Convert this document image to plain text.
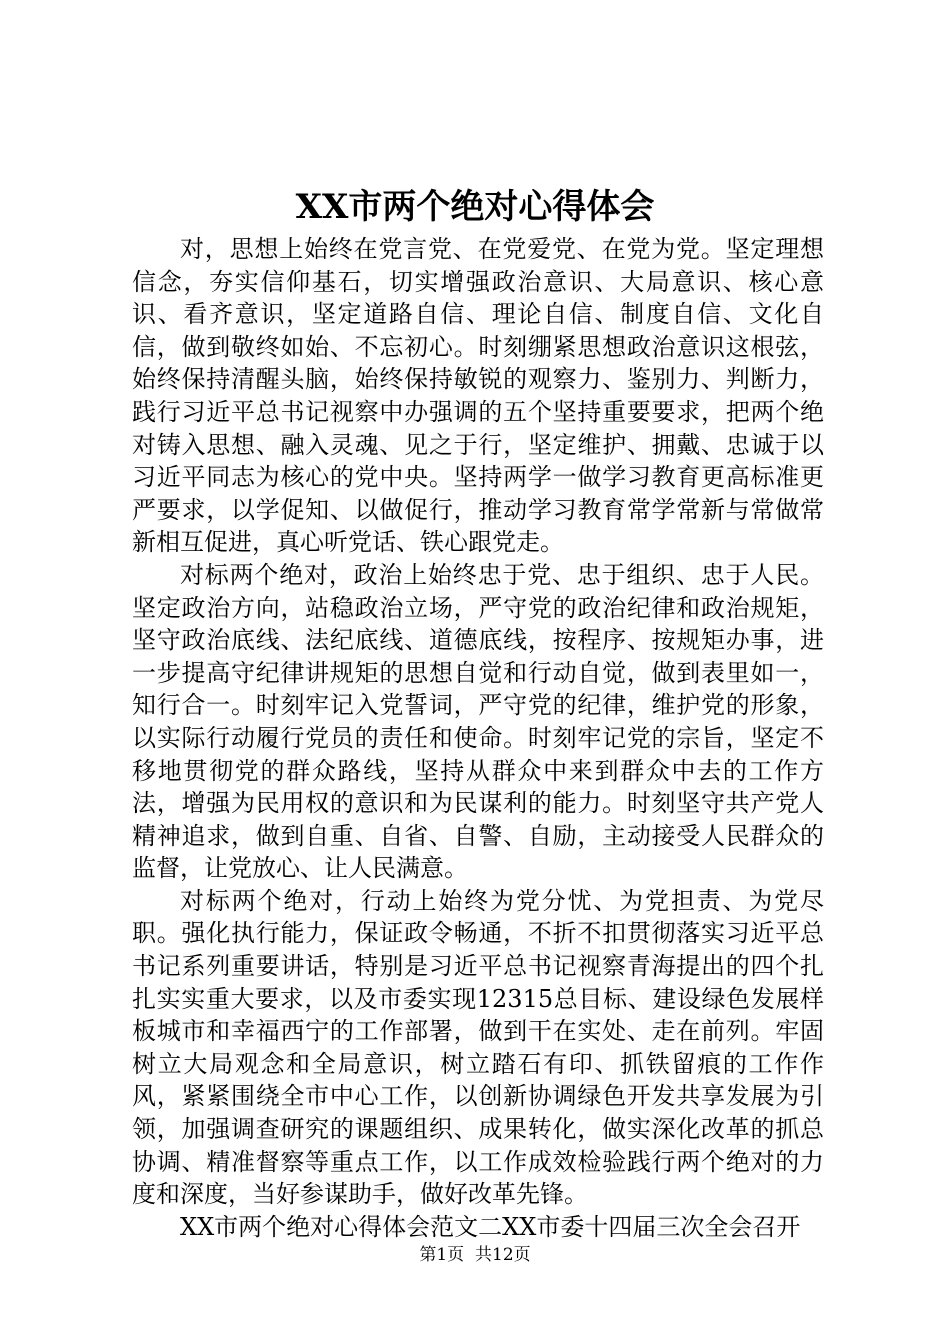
XX市两个绝对心得体会

对，思想上始终在党言党、在党爱党、在党为党。坚定理想信念，夯实信仰基石，切实增强政治意识、大局意识、核心意识、看齐意识，坚定道路自信、理论自信、制度自信、文化自信，做到敬终如始、不忘初心。时刻绷紧思想政治意识这根弦，始终保持清醒头脑，始终保持敏锐的观察力、鉴别力、判断力，践行习近平总书记视察中办强调的五个坚持重要要求，把两个绝对铸入思想、融入灵魂、见之于行，坚定维护、拥戴、忠诚于以习近平同志为核心的党中央。坚持两学一做学习教育更高标准更严要求，以学促知、以做促行，推动学习教育常学常新与常做常新相互促进，真心听党话、铁心跟党走。

对标两个绝对，政治上始终忠于党、忠于组织、忠于人民。坚定政治方向，站稳政治立场，严守党的政治纪律和政治规矩，坚守政治底线、法纪底线、道德底线，按程序、按规矩办事，进一步提高守纪律讲规矩的思想自觉和行动自觉，做到表里如一，知行合一。时刻牢记入党誓词，严守党的纪律，维护党的形象，以实际行动履行党员的责任和使命。时刻牢记党的宗旨，坚定不移地贯彻党的群众路线，坚持从群众中来到群众中去的工作方法，增强为民用权的意识和为民谋利的能力。时刻坚守共产党人精神追求，做到自重、自省、自警、自励，主动接受人民群众的监督，让党放心、让人民满意。

对标两个绝对，行动上始终为党分忧、为党担责、为党尽职。强化执行能力，保证政令畅通，不折不扣贯彻落实习近平总书记系列重要讲话，特别是习近平总书记视察青海提出的四个扎扎实实重大要求，以及市委实现12315总目标、建设绿色发展样板城市和幸福西宁的工作部署，做到干在实处、走在前列。牢固树立大局观念和全局意识，树立踏石有印、抓铁留痕的工作作风，紧紧围绕全市中心工作，以创新协调绿色开发共享发展为引领，加强调查研究的课题组织、成果转化，做实深化改革的抓总协调、精准督察等重点工作，以工作成效检验践行两个绝对的力度和深度，当好参谋助手，做好改革先锋。

XX市两个绝对心得体会范文二XX市委十四届三次全会召开

第1页 共12页
